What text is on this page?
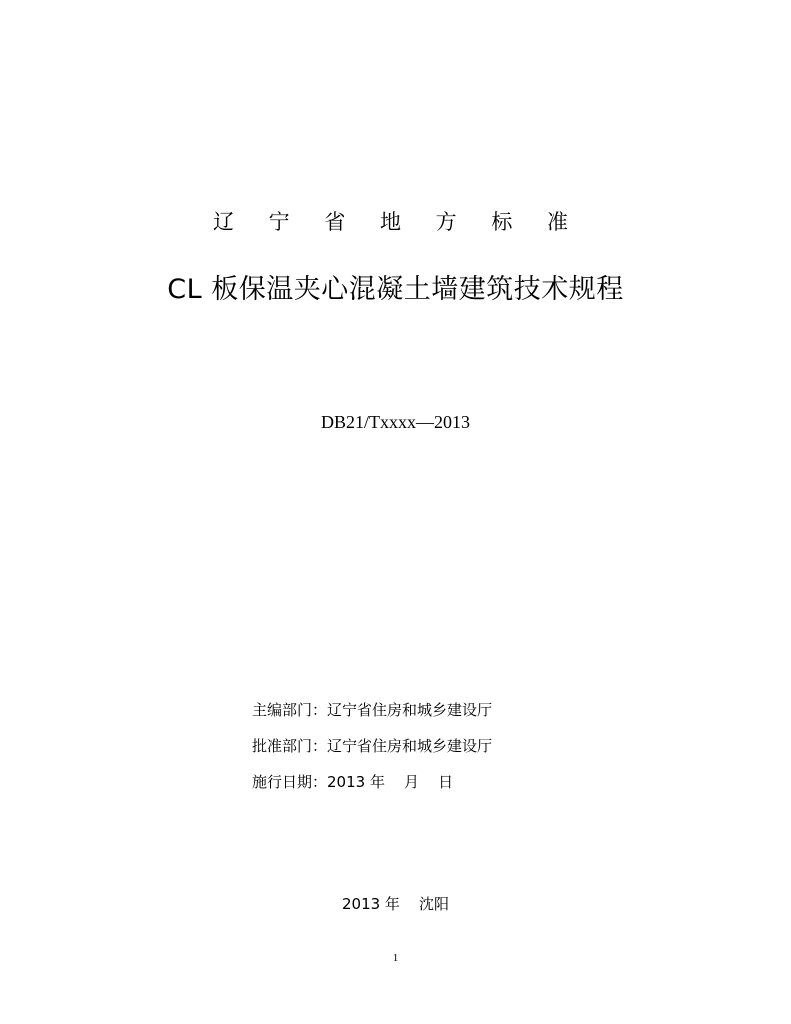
辽 宁 省 地 方 标 准
CL 板保温夹心混凝土墙建筑技术规程
DB21/Txxxx—2013
主编部门：辽宁省住房和城乡建设厅
批准部门：辽宁省住房和城乡建设厅
施行日期：2013 年    月    日
2013 年    沈阳
1
